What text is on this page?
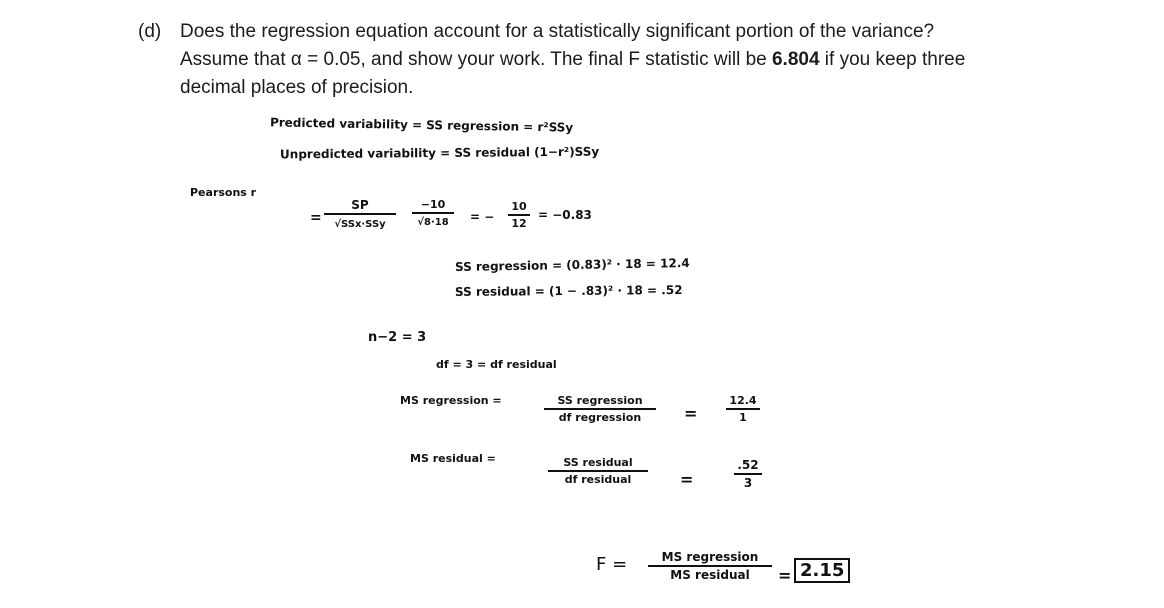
(d) Does the regression equation account for a statistically significant portion of the variance?
Assume that α = 0.05, and show your work. The final F statistic will be 6.804 if you keep three
decimal places of precision.
Predicted variability = SS regression = r²SSy
Unpredicted variability = SS residual (1−r²)SSy
Pearsons r
=
SP
√SSx·SSy
−10
√8·18	= −
10
12
= −0.83
SS regression = (0.83)² · 18 = 12.4
SS residual = (1 − .83)² · 18 = .52
n−2 = 3
df = 3 = df residual
MS regression =	SS regression
df regression	=
12.4
1
MS residual =	SS residual
df residual	=
.52
3
F =	MS regression
MS residual	= 2.15
